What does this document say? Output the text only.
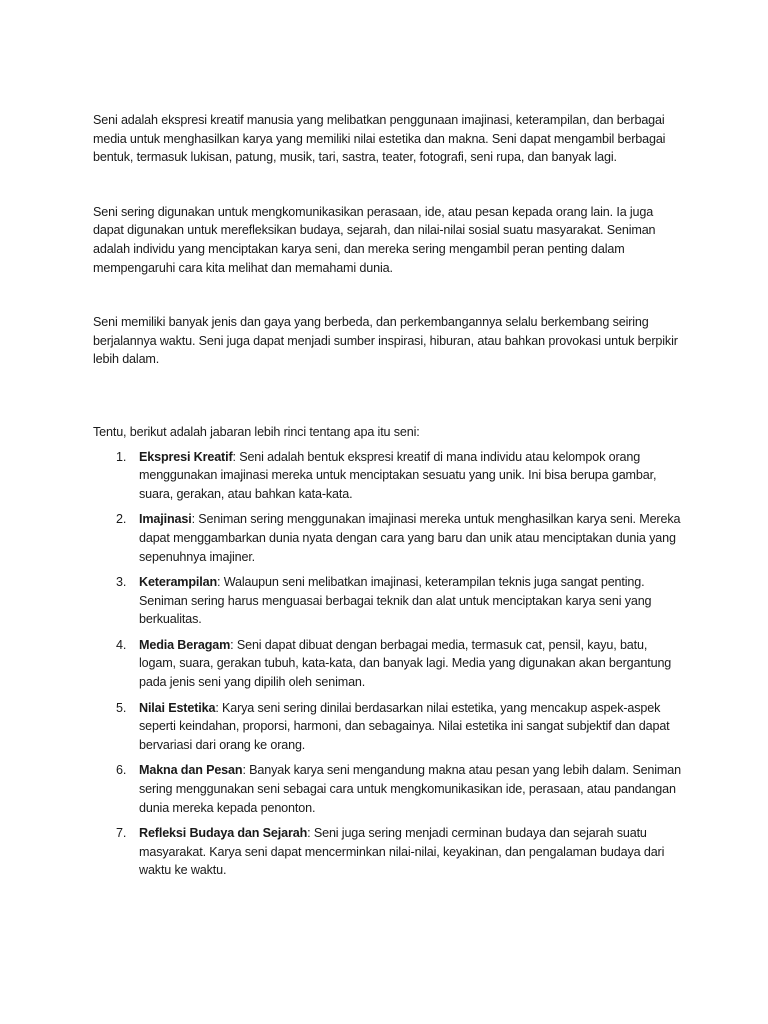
Seni adalah ekspresi kreatif manusia yang melibatkan penggunaan imajinasi, keterampilan, dan berbagai media untuk menghasilkan karya yang memiliki nilai estetika dan makna. Seni dapat mengambil berbagai bentuk, termasuk lukisan, patung, musik, tari, sastra, teater, fotografi, seni rupa, dan banyak lagi.

Seni sering digunakan untuk mengkomunikasikan perasaan, ide, atau pesan kepada orang lain. Ia juga dapat digunakan untuk merefleksikan budaya, sejarah, dan nilai-nilai sosial suatu masyarakat. Seniman adalah individu yang menciptakan karya seni, dan mereka sering mengambil peran penting dalam mempengaruhi cara kita melihat dan memahami dunia.

Seni memiliki banyak jenis dan gaya yang berbeda, dan perkembangannya selalu berkembang seiring berjalannya waktu. Seni juga dapat menjadi sumber inspirasi, hiburan, atau bahkan provokasi untuk berpikir lebih dalam.

Tentu, berikut adalah jabaran lebih rinci tentang apa itu seni:

1. Ekspresi Kreatif: Seni adalah bentuk ekspresi kreatif di mana individu atau kelompok orang menggunakan imajinasi mereka untuk menciptakan sesuatu yang unik. Ini bisa berupa gambar, suara, gerakan, atau bahkan kata-kata.
2. Imajinasi: Seniman sering menggunakan imajinasi mereka untuk menghasilkan karya seni. Mereka dapat menggambarkan dunia nyata dengan cara yang baru dan unik atau menciptakan dunia yang sepenuhnya imajiner.
3. Keterampilan: Walaupun seni melibatkan imajinasi, keterampilan teknis juga sangat penting. Seniman sering harus menguasai berbagai teknik dan alat untuk menciptakan karya seni yang berkualitas.
4. Media Beragam: Seni dapat dibuat dengan berbagai media, termasuk cat, pensil, kayu, batu, logam, suara, gerakan tubuh, kata-kata, dan banyak lagi. Media yang digunakan akan bergantung pada jenis seni yang dipilih oleh seniman.
5. Nilai Estetika: Karya seni sering dinilai berdasarkan nilai estetika, yang mencakup aspek-aspek seperti keindahan, proporsi, harmoni, dan sebagainya. Nilai estetika ini sangat subjektif dan dapat bervariasi dari orang ke orang.
6. Makna dan Pesan: Banyak karya seni mengandung makna atau pesan yang lebih dalam. Seniman sering menggunakan seni sebagai cara untuk mengkomunikasikan ide, perasaan, atau pandangan dunia mereka kepada penonton.
7. Refleksi Budaya dan Sejarah: Seni juga sering menjadi cerminan budaya dan sejarah suatu masyarakat. Karya seni dapat mencerminkan nilai-nilai, keyakinan, dan pengalaman budaya dari waktu ke waktu.
